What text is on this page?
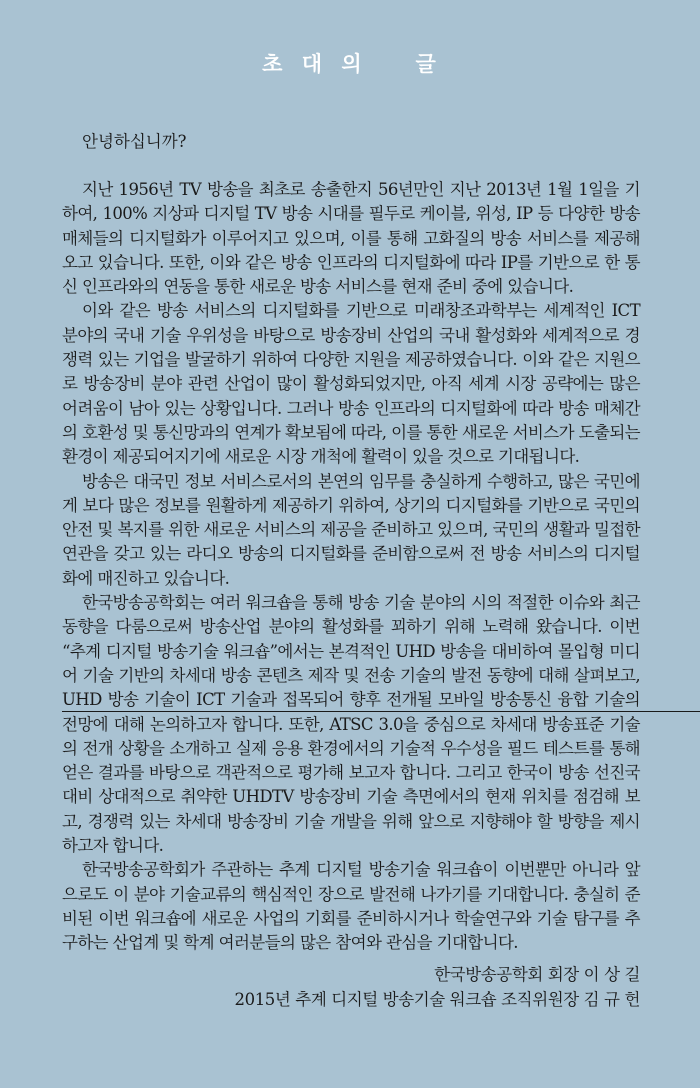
초 대 의   글
안녕하십니까?

지난 1956년 TV 방송을 최초로 송출한지 56년만인 지난 2013년 1월 1일을 기하여, 100% 지상파 디지털 TV 방송 시대를 필두로 케이블, 위성, IP 등 다양한 방송 매체들의 디지털화가 이루어지고 있으며, 이를 통해 고화질의 방송 서비스를 제공해오고 있습니다. 또한, 이와 같은 방송 인프라의 디지털화에 따라 IP를 기반으로 한 통신 인프라와의 연동을 통한 새로운 방송 서비스를 현재 준비 중에 있습니다.

이와 같은 방송 서비스의 디지털화를 기반으로 미래창조과학부는 세계적인 ICT 분야의 국내 기술 우위성을 바탕으로 방송장비 산업의 국내 활성화와 세계적으로 경쟁력 있는 기업을 발굴하기 위하여 다양한 지원을 제공하였습니다. 이와 같은 지원으로 방송장비 분야 관련 산업이 많이 활성화되었지만, 아직 세계 시장 공략에는 많은 어려움이 남아 있는 상황입니다. 그러나 방송 인프라의 디지털화에 따라 방송 매체간의 호환성 및 통신망과의 연계가 확보됨에 따라, 이를 통한 새로운 서비스가 도출되는 환경이 제공되어지기에 새로운 시장 개척에 활력이 있을 것으로 기대됩니다.

방송은 대국민 정보 서비스로서의 본연의 임무를 충실하게 수행하고, 많은 국민에게 보다 많은 정보를 원활하게 제공하기 위하여, 상기의 디지털화를 기반으로 국민의 안전 및 복지를 위한 새로운 서비스의 제공을 준비하고 있으며, 국민의 생활과 밀접한 연관을 갖고 있는 라디오 방송의 디지털화를 준비함으로써 전 방송 서비스의 디지털화에 매진하고 있습니다.

한국방송공학회는 여러 워크숍을 통해 방송 기술 분야의 시의 적절한 이슈와 최근 동향을 다룸으로써 방송산업 분야의 활성화를 꾀하기 위해 노력해 왔습니다. 이번 “추계 디지털 방송기술 워크숍”에서는 본격적인 UHD 방송을 대비하여 몰입형 미디어 기술 기반의 차세대 방송 콘텐츠 제작 및 전송 기술의 발전 동향에 대해 살펴보고, UHD 방송 기술이 ICT 기술과 접목되어 향후 전개될 모바일 방송통신 융합 기술의 전망에 대해 논의하고자 합니다. 또한, ATSC 3.0을 중심으로 차세대 방송표준 기술의 전개 상황을 소개하고 실제 응용 환경에서의 기술적 우수성을 필드 테스트를 통해 얻은 결과를 바탕으로 객관적으로 평가해 보고자 합니다. 그리고 한국이 방송 선진국 대비 상대적으로 취약한 UHDTV 방송장비 기술 측면에서의 현재 위치를 점검해 보고, 경쟁력 있는 차세대 방송장비 기술 개발을 위해 앞으로 지향해야 할 방향을 제시하고자 합니다.

한국방송공학회가 주관하는 추계 디지털 방송기술 워크숍이 이번뿐만 아니라 앞으로도 이 분야 기술교류의 핵심적인 장으로 발전해 나가기를 기대합니다. 충실히 준비된 이번 워크숍에 새로운 사업의 기회를 준비하시거나 학술연구와 기술 탐구를 추구하는 산업계 및 학계 여러분들의 많은 참여와 관심을 기대합니다.

한국방송공학회 회장 이 상 길
2015년 추계 디지털 방송기술 워크숍 조직위원장 김 규 헌
